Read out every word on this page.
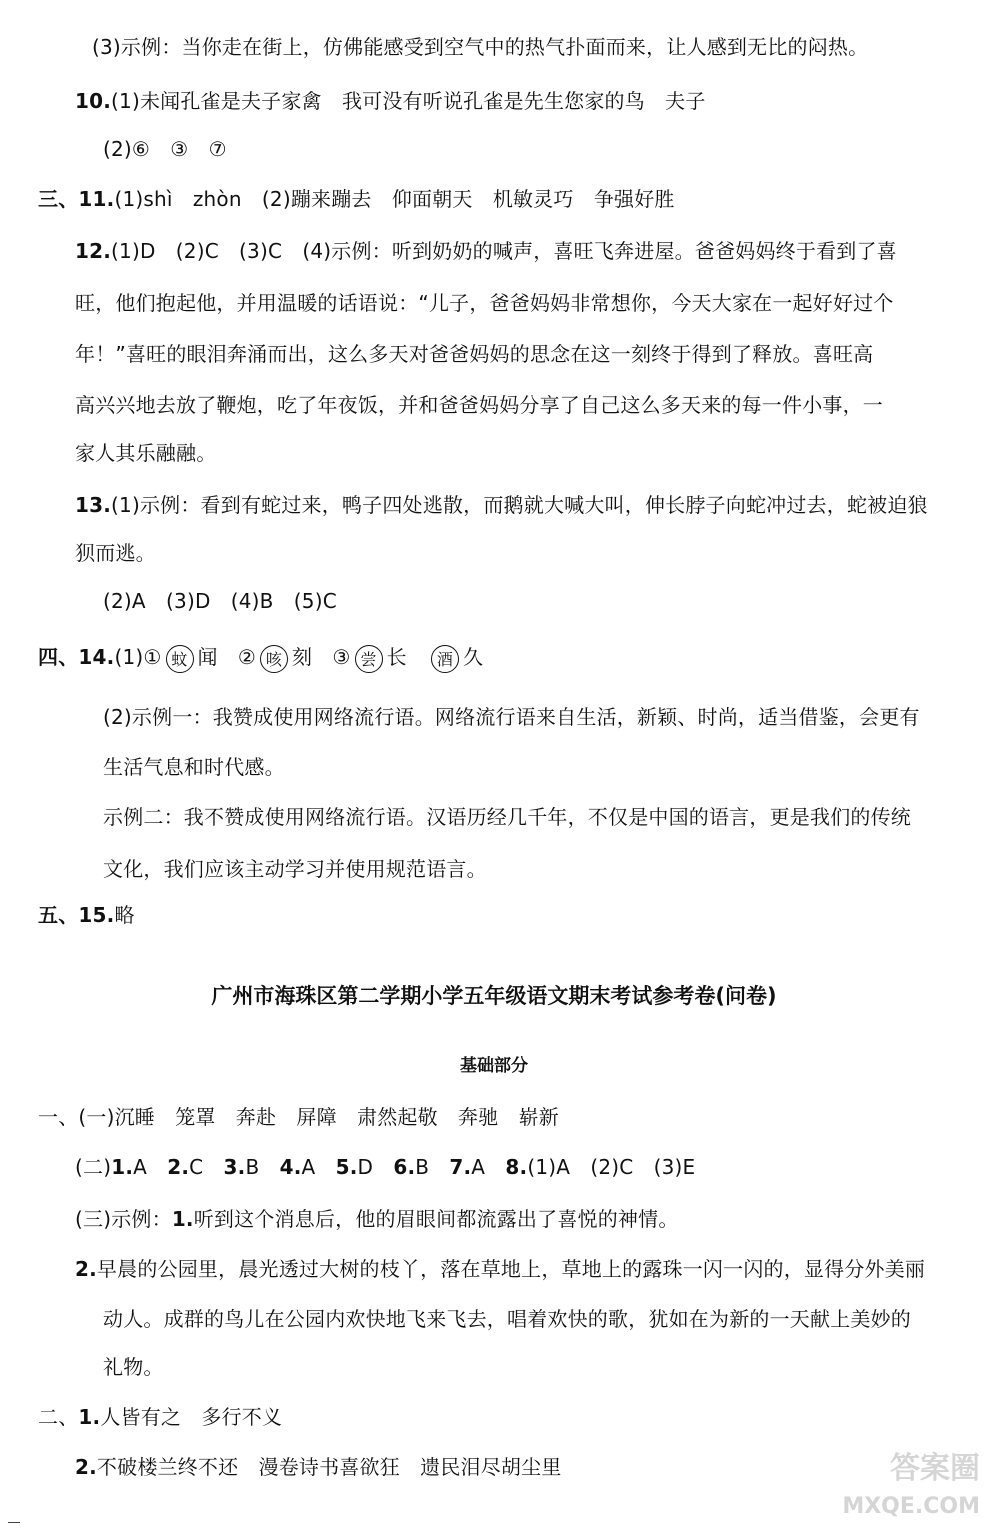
(3)示例：当你走在街上，仿佛能感受到空气中的热气扑面而来，让人感到无比的闷热。
10.(1)未闻孔雀是夫子家禽　我可没有听说孔雀是先生您家的鸟　夫子
(2)⑥　③　⑦
三、11.(1)shì　zhòn　(2)蹦来蹦去　仰面朝天　机敏灵巧　争强好胜
12.(1)D　(2)C　(3)C　(4)示例：听到奶奶的喊声，喜旺飞奔进屋。爸爸妈妈终于看到了喜
旺，他们抱起他，并用温暖的话语说：“儿子，爸爸妈妈非常想你，今天大家在一起好好过个
年！”喜旺的眼泪奔涌而出，这么多天对爸爸妈妈的思念在这一刻终于得到了释放。喜旺高
高兴兴地去放了鞭炮，吃了年夜饭，并和爸爸妈妈分享了自己这么多天来的每一件小事，一
家人其乐融融。
13.(1)示例：看到有蛇过来，鸭子四处逃散，而鹅就大喊大叫，伸长脖子向蛇冲过去，蛇被迫狼
狈而逃。
(2)A　(3)D　(4)B　(5)C
四、14.(1)① 蚊 闻　② 咳 刻　③ 尝 长　酒 久
(2)示例一：我赞成使用网络流行语。网络流行语来自生活，新颖、时尚，适当借鉴，会更有
生活气息和时代感。
示例二：我不赞成使用网络流行语。汉语历经几千年，不仅是中国的语言，更是我们的传统
文化，我们应该主动学习并使用规范语言。
五、15.略
广州市海珠区第二学期小学五年级语文期末考试参考卷(问卷)
基础部分
一、(一)沉睡　笼罩　奔赴　屏障　肃然起敬　奔驰　崭新
(二)1.A　2.C　3.B　4.A　5.D　6.B　7.A　8.(1)A　(2)C　(3)E
(三)示例：1.听到这个消息后，他的眉眼间都流露出了喜悦的神情。
2.早晨的公园里，晨光透过大树的枝丫，落在草地上，草地上的露珠一闪一闪的，显得分外美丽
动人。成群的鸟儿在公园内欢快地飞来飞去，唱着欢快的歌，犹如在为新的一天献上美妙的
礼物。
二、1.人皆有之　多行不义
2.不破楼兰终不还　漫卷诗书喜欲狂　遗民泪尽胡尘里	答案圈
MXQE.COM
